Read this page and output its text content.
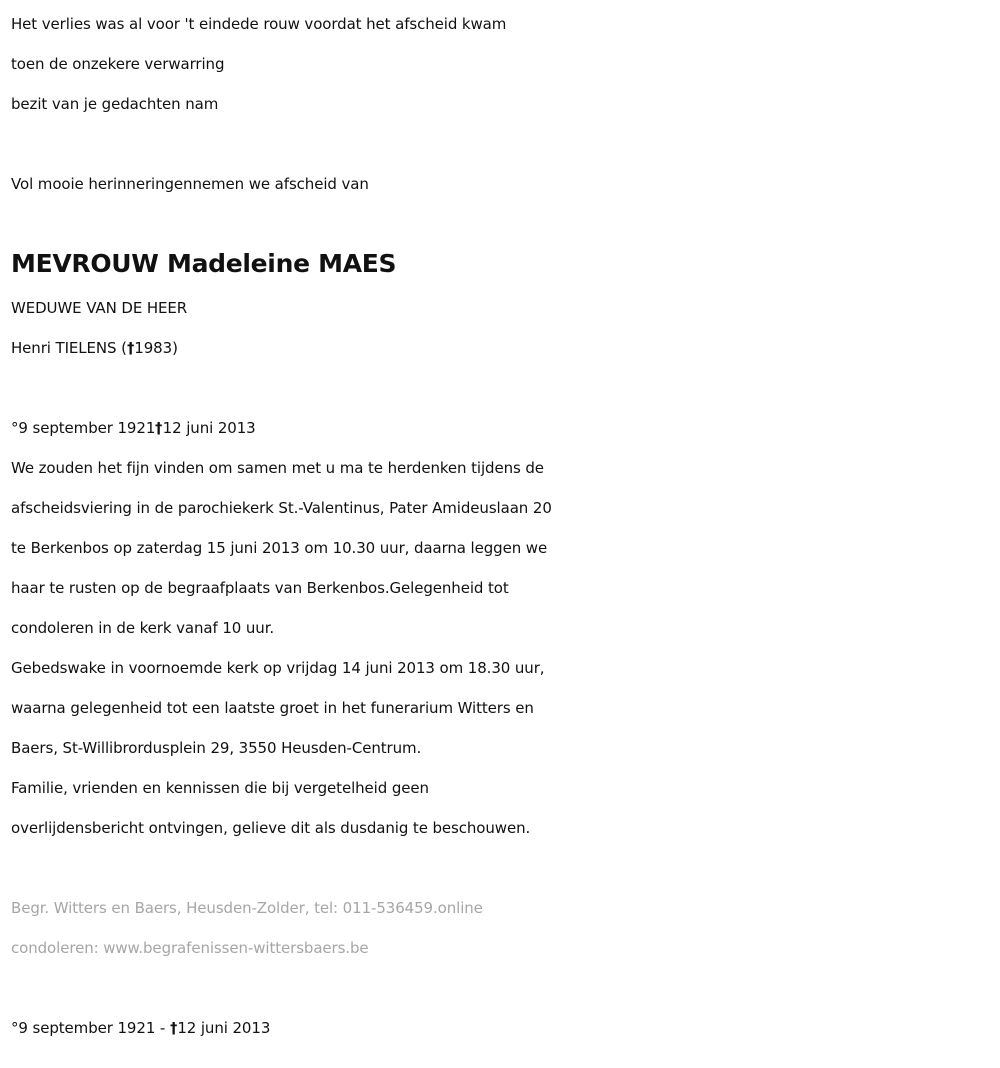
Het verlies was al voor 't eindede rouw voordat het afscheid kwam
toen de onzekere verwarring
bezit van je gedachten nam
Vol mooie herinneringennemen we afscheid van
MEVROUW Madeleine MAES
WEDUWE VAN DE HEER
Henri TIELENS (†1983)
°9 september 1921†12 juni 2013
We zouden het fijn vinden om samen met u ma te herdenken tijdens de
afscheidsviering in de parochiekerk St.-Valentinus, Pater Amideuslaan 20
te Berkenbos op zaterdag 15 juni 2013 om 10.30 uur, daarna leggen we
haar te rusten op de begraafplaats van Berkenbos.Gelegenheid tot
condoleren in de kerk vanaf 10 uur.
Gebedswake in voornoemde kerk op vrijdag 14 juni 2013 om 18.30 uur,
waarna gelegenheid tot een laatste groet in het funerarium Witters en
Baers, St-Willibrordusplein 29, 3550 Heusden-Centrum.
Familie, vrienden en kennissen die bij vergetelheid geen
overlijdensbericht ontvingen, gelieve dit als dusdanig te beschouwen.
Begr. Witters en Baers, Heusden-Zolder, tel: 011-536459.online
condoleren: www.begrafenissen-wittersbaers.be
°9 september 1921 - †12 juni 2013
